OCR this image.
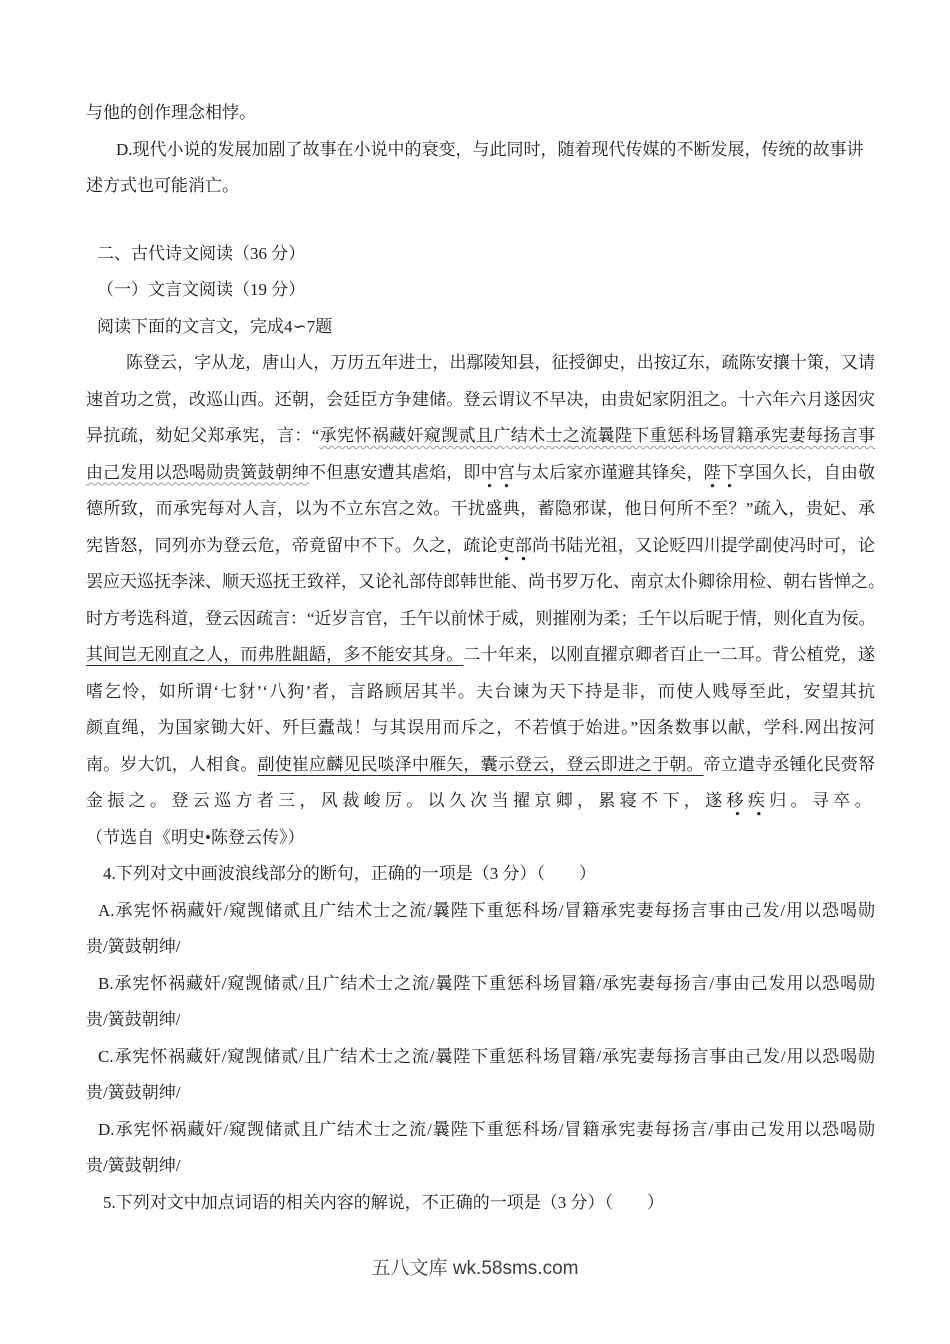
与他的创作理念相悖。
D.现代小说的发展加剧了故事在小说中的衰变，与此同时，随着现代传媒的不断发展，传统的故事讲
述方式也可能消亡。
二、古代诗文阅读（36 分）
（一）文言文阅读（19 分）
阅读下面的文言文，完成4∽7题
陈登云，字从龙，唐山人，万历五年进士，出鄢陵知县，征授御史，出按辽东，疏陈安攘十策，又请
速首功之赏，改巡山西。还朝，会廷臣方争建储。登云谓议不早决，由贵妃家阴沮之。十六年六月遂因灾
异抗疏，劾妃父郑承宪，言：“承宪怀祸藏奸窥觊贰且广结术士之流曩陛下重惩科场冒籍承宪妻每扬言事
由己发用以恐喝勋贵簧鼓朝绅不但惠安遭其虐焰，即中宫与太后家亦谨避其锋矣，陛下享国久长，自由敬
德所致，而承宪每对人言，以为不立东宫之效。干扰盛典，蓄隐邪谋，他日何所不至？”疏入，贵妃、承
宪皆怒，同列亦为登云危，帝竟留中不下。久之，疏论吏部尚书陆光祖，又论贬四川提学副使冯时可，论
罢应天巡抚李涞、顺天巡抚王致祥，又论礼部侍郎韩世能、尚书罗万化、南京太仆卿徐用检、朝右皆惮之。
时方考选科道，登云因疏言：“近岁言官，壬午以前怵于威，则摧刚为柔；壬午以后昵于情，则化直为佞。
其间岂无刚直之人，而弗胜龃龉，多不能安其身。二十年来，以刚直擢京卿者百止一二耳。背公植党，遂
嗜乞怜，如所谓‘七豺’‘八狗’者，言路顾居其半。夫台谏为天下持是非，而使人贱辱至此，安望其抗
颜直绳，为国家锄大奸、歼巨蠹哉！与其误用而斥之，不若慎于始进。”因条数事以献，学科.网出按河
南。岁大饥，人相食。副使崔应麟见民啖泽中雁矢，囊示登云，登云即进之于朝。帝立遣寺丞锺化民赍帑
金振之。登云巡方者三，风裁峻厉。以久次当擢京卿，累寝不下，遂移疾归。寻卒。
（节选自《明史•陈登云传》）
4.下列对文中画波浪线部分的断句，正确的一项是（3 分）（　　）
A.承宪怀祸藏奸/窥觊储贰且广结术士之流/曩陛下重惩科场/冒籍承宪妻每扬言事由己发/用以恐喝勋
贵/簧鼓朝绅/
B.承宪怀祸藏奸/窥觊储贰/且广结术士之流/曩陛下重惩科场冒籍/承宪妻每扬言/事由己发用以恐喝勋
贵/簧鼓朝绅/
C.承宪怀祸藏奸/窥觊储贰/且广结术士之流/曩陛下重惩科场冒籍/承宪妻每扬言事由己发/用以恐喝勋
贵/簧鼓朝绅/
D.承宪怀祸藏奸/窥觊储贰且广结术士之流/曩陛下重惩科场/冒籍承宪妻每扬言/事由己发用以恐喝勋
贵/簧鼓朝绅/
5.下列对文中加点词语的相关内容的解说，不正确的一项是（3 分）（　　）
五八文库 wk.58sms.com
